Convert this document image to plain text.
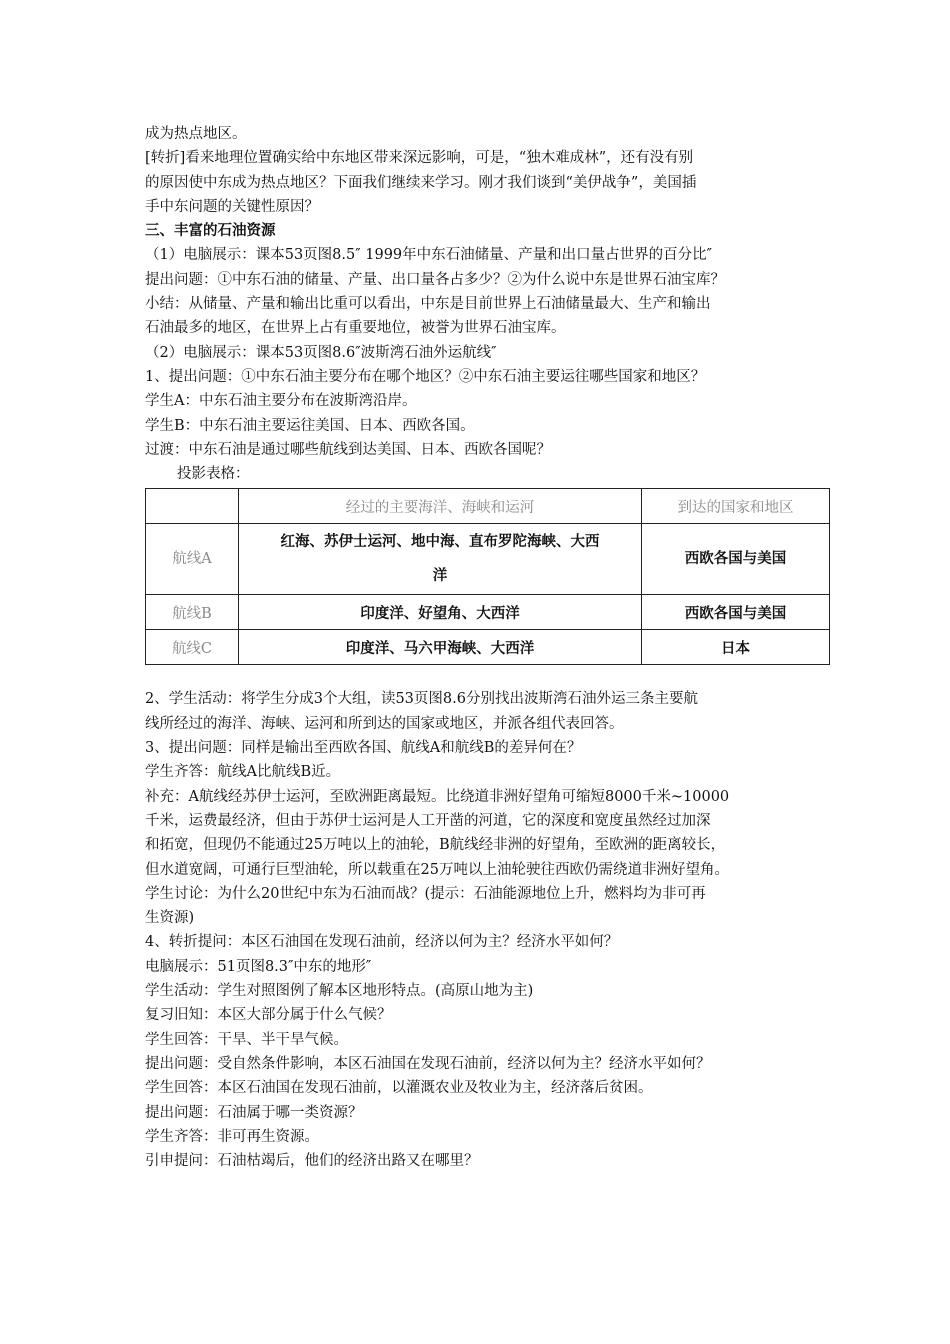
成为热点地区。
[转折]看来地理位置确实给中东地区带来深远影响，可是，“独木难成林”，还有没有别
的原因使中东成为热点地区？下面我们继续来学习。刚才我们谈到“美伊战争”，美国插
手中东问题的关键性原因？
三、丰富的石油资源
（1）电脑展示：课本53页图8.5″ 1999年中东石油储量、产量和出口量占世界的百分比″
提出问题：①中东石油的储量、产量、出口量各占多少？②为什么说中东是世界石油宝库？
小结：从储量、产量和输出比重可以看出，中东是目前世界上石油储量最大、生产和输出
石油最多的地区，在世界上占有重要地位，被誉为世界石油宝库。
（2）电脑展示：课本53页图8.6″波斯湾石油外运航线″
1、提出问题：①中东石油主要分布在哪个地区？②中东石油主要运往哪些国家和地区？
学生A：中东石油主要分布在波斯湾沿岸。
学生B：中东石油主要运往美国、日本、西欧各国。
过渡：中东石油是通过哪些航线到达美国、日本、西欧各国呢？
投影表格：
	经过的主要海洋、海峡和运河	到达的国家和地区
航线A	红海、苏伊士运河、地中海、直布罗陀海峡、大西
洋	西欧各国与美国
航线B	印度洋、好望角、大西洋	西欧各国与美国
航线C	印度洋、马六甲海峡、大西洋	日本
2、学生活动：将学生分成3个大组，读53页图8.6分别找出波斯湾石油外运三条主要航
线所经过的海洋、海峡、运河和所到达的国家或地区，并派各组代表回答。
3、提出问题：同样是输出至西欧各国、航线A和航线B的差异何在？
学生齐答：航线A比航线B近。
补充：A航线经苏伊士运河，至欧洲距离最短。比绕道非洲好望角可缩短8000千米~10000
千米，运费最经济，但由于苏伊士运河是人工开凿的河道，它的深度和宽度虽然经过加深
和拓宽，但现仍不能通过25万吨以上的油轮，B航线经非洲的好望角，至欧洲的距离较长，
但水道宽阔，可通行巨型油轮，所以载重在25万吨以上油轮驶往西欧仍需绕道非洲好望角。
学生讨论：为什么20世纪中东为石油而战？(提示：石油能源地位上升，燃料均为非可再
生资源)
4、转折提问：本区石油国在发现石油前，经济以何为主？经济水平如何？
电脑展示：51页图8.3″中东的地形″
学生活动：学生对照图例了解本区地形特点。(高原山地为主)
复习旧知：本区大部分属于什么气候？
学生回答：干旱、半干旱气候。
提出问题：受自然条件影响，本区石油国在发现石油前，经济以何为主？经济水平如何？
学生回答：本区石油国在发现石油前，以灌溉农业及牧业为主，经济落后贫困。
提出问题：石油属于哪一类资源？
学生齐答：非可再生资源。
引申提问：石油枯竭后，他们的经济出路又在哪里？
